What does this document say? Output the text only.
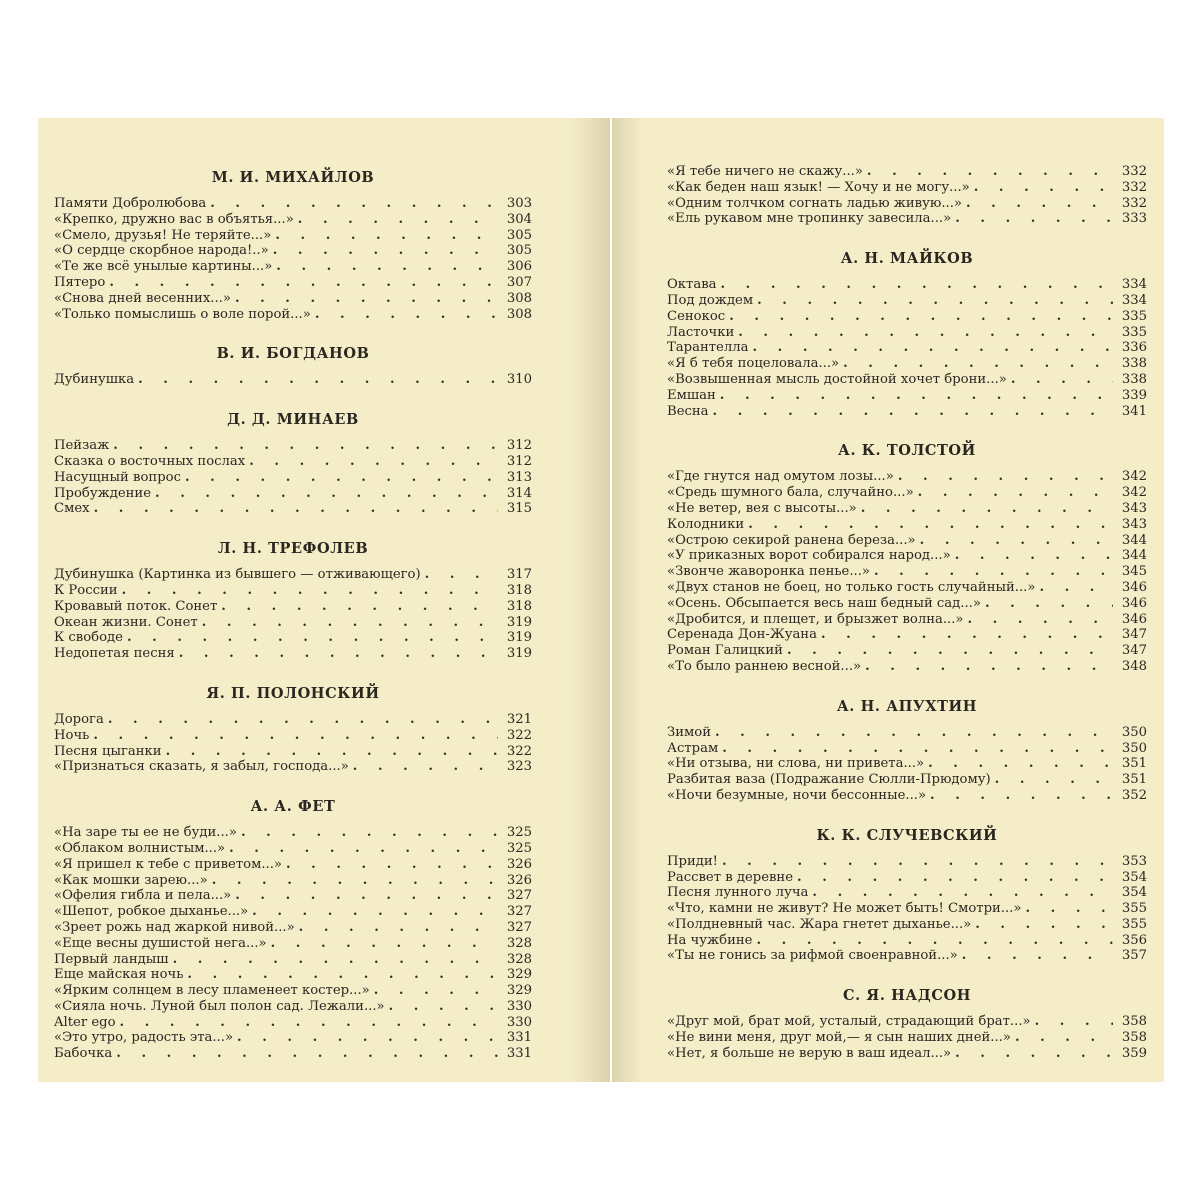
М. И. МИХАЙЛОВ
Памяти Добролюбова . . .	303
«Крепко, дружно вас в объятья...» . . .	304
«Смело, друзья! Не теряйте...» . . .	305
«О сердце скорбное народа!..» . . .	305
«Те же всё унылые картины...» . . .	306
Пятеро . . .	307
«Снова дней весенних...» . . .	308
«Только помыслишь о воле порой...» . . .	308
В. И. БОГДАНОВ
Дубинушка . . .	310
Д. Д. МИНАЕВ
Пейзаж . . .	312
Сказка о восточных послах . . .	312
Насущный вопрос . . .	313
Пробуждение . . .	314
Смех . . .	315
Л. Н. ТРЕФОЛЕВ
Дубинушка (Картинка из бывшего — отживающего) . . .	317
К России . . .	318
Кровавый поток. Сонет . . .	318
Океан жизни. Сонет . . .	319
К свободе . . .	319
Недопетая песня . . .	319
Я. П. ПОЛОНСКИЙ
Дорога . . .	321
Ночь . . .	322
Песня цыганки . . .	322
«Признаться сказать, я забыл, господа...» . . .	323
А. А. ФЕТ
«На заре ты ее не буди...» . . .	325
«Облаком волнистым...» . . .	325
«Я пришел к тебе с приветом...» . . .	326
«Как мошки зарею...» . . .	326
«Офелия гибла и пела...» . . .	327
«Шепот, робкое дыханье...» . . .	327
«Зреет рожь над жаркой нивой...» . . .	327
«Еще весны душистой нега...» . . .	328
Первый ландыш . . .	328
Еще майская ночь . . .	329
«Ярким солнцем в лесу пламенеет костер...» . . .	329
«Сияла ночь. Луной был полон сад. Лежали...» . . .	330
Alter ego . . .	330
«Это утро, радость эта...» . . .	331
Бабочка . . .	331
«Я тебе ничего не скажу...» . . .	332
«Как беден наш язык! — Хочу и не могу...» . . .	332
«Одним толчком согнать ладью живую...» . . .	332
«Ель рукавом мне тропинку завесила...» . . .	333
А. Н. МАЙКОВ
Октава . . .	334
Под дождем . . .	334
Сенокос . . .	335
Ласточки . . .	335
Тарантелла . . .	336
«Я б тебя поцеловала...» . . .	338
«Возвышенная мысль достойной хочет брони...» . . .	338
Емшан . . .	339
Весна . . .	341
А. К. ТОЛСТОЙ
«Где гнутся над омутом лозы...» . . .	342
«Средь шумного бала, случайно...» . . .	342
«Не ветер, вея с высоты...» . . .	343
Колодники . . .	343
«Острою секирой ранена береза...» . . .	344
«У приказных ворот собирался народ...» . . .	344
«Звонче жаворонка пенье...» . . .	345
«Двух станов не боец, но только гость случайный...» . . .	346
«Осень. Обсыпается весь наш бедный сад...» . . .	346
«Дробится, и плещет, и брызжет волна...» . . .	346
Серенада Дон-Жуана . . .	347
Роман Галицкий . . .	347
«То было раннею весной...» . . .	348
А. Н. АПУХТИН
Зимой . . .	350
Астрам . . .	350
«Ни отзыва, ни слова, ни привета...» . . .	351
Разбитая ваза (Подражание Сюлли-Прюдому) . . .	351
«Ночи безумные, ночи бессонные...» . . .	352
К. К. СЛУЧЕВСКИЙ
Приди! . . .	353
Рассвет в деревне . . .	354
Песня лунного луча . . .	354
«Что, камни не живут? Не может быть! Смотри...» . . .	355
«Полдневный час. Жара гнетет дыханье...» . . .	355
На чужбине . . .	356
«Ты не гонись за рифмой своенравной...» . . .	357
С. Я. НАДСОН
«Друг мой, брат мой, усталый, страдающий брат...» . . .	358
«Не вини меня, друг мой,— я сын наших дней...» . . .	358
«Нет, я больше не верую в ваш идеал...» . . .	359
